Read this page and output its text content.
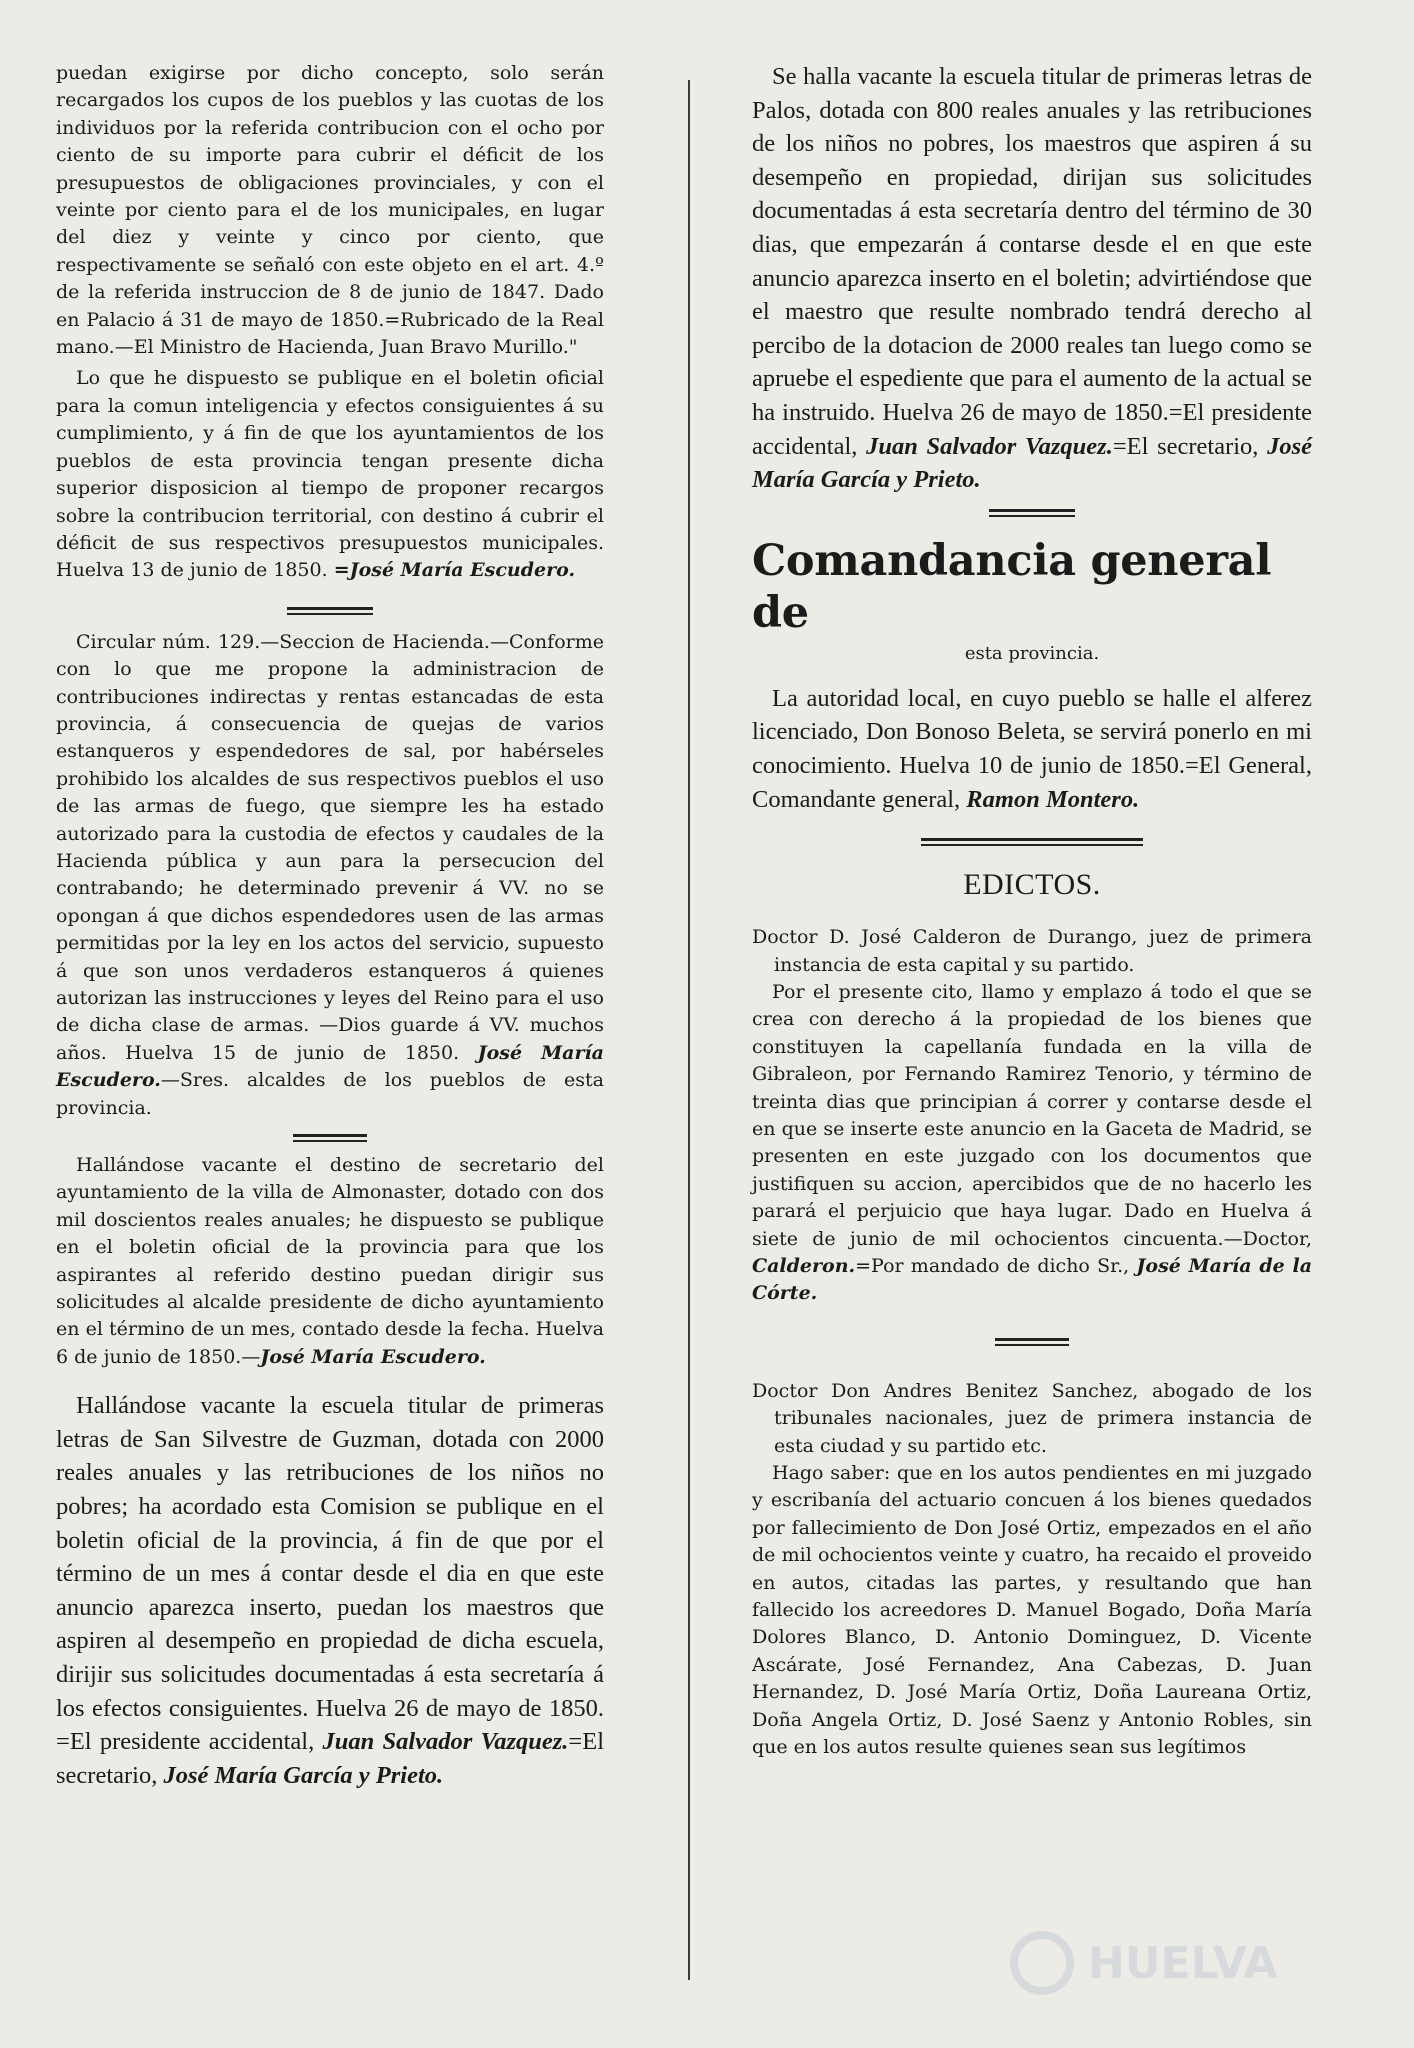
puedan exigirse por dicho concepto, solo serán recargados los cupos de los pueblos y las cuotas de los individuos por la referida contribucion con el ocho por ciento de su importe para cubrir el déficit de los presupuestos de obligaciones provinciales, y con el veinte por ciento para el de los municipales, en lugar del diez y veinte y cinco por ciento, que respectivamente se señaló con este objeto en el art. 4.º de la referida instruccion de 8 de junio de 1847. Dado en Palacio á 31 de mayo de 1850.=Rubricado de la Real mano.—El Ministro de Hacienda, Juan Bravo Murillo."

Lo que he dispuesto se publique en el boletin oficial para la comun inteligencia y efectos consiguientes á su cumplimiento, y á fin de que los ayuntamientos de los pueblos de esta provincia tengan presente dicha superior disposicion al tiempo de proponer recargos sobre la contribucion territorial, con destino á cubrir el déficit de sus respectivos presupuestos municipales. Huelva 13 de junio de 1850. =José María Escudero.

Circular núm. 129.—Seccion de Hacienda.—Conforme con lo que me propone la administracion de contribuciones indirectas y rentas estancadas de esta provincia, á consecuencia de quejas de varios estanqueros y espendedores de sal, por habérseles prohibido los alcaldes de sus respectivos pueblos el uso de las armas de fuego, que siempre les ha estado autorizado para la custodia de efectos y caudales de la Hacienda pública y aun para la persecucion del contrabando; he determinado prevenir á VV. no se opongan á que dichos espendedores usen de las armas permitidas por la ley en los actos del servicio, supuesto á que son unos verdaderos estanqueros á quienes autorizan las instrucciones y leyes del Reino para el uso de dicha clase de armas. —Dios guarde á VV. muchos años. Huelva 15 de junio de 1850. José María Escudero.—Sres. alcaldes de los pueblos de esta provincia.

Hallándose vacante el destino de secretario del ayuntamiento de la villa de Almonaster, dotado con dos mil doscientos reales anuales; he dispuesto se publique en el boletin oficial de la provincia para que los aspirantes al referido destino puedan dirigir sus solicitudes al alcalde presidente de dicho ayuntamiento en el término de un mes, contado desde la fecha. Huelva 6 de junio de 1850.—José María Escudero.

Hallándose vacante la escuela titular de primeras letras de San Silvestre de Guzman, dotada con 2000 reales anuales y las retribuciones de los niños no pobres; ha acordado esta Comision se publique en el boletin oficial de la provincia, á fin de que por el término de un mes á contar desde el dia en que este anuncio aparezca inserto, puedan los maestros que aspiren al desempeño en propiedad de dicha escuela, dirijir sus solicitudes documentadas á esta secretaría á los efectos consiguientes. Huelva 26 de mayo de 1850. =El presidente accidental, Juan Salvador Vazquez.=El secretario, José María García y Prieto.

Se halla vacante la escuela titular de primeras letras de Palos, dotada con 800 reales anuales y las retribuciones de los niños no pobres, los maestros que aspiren á su desempeño en propiedad, dirijan sus solicitudes documentadas á esta secretaría dentro del término de 30 dias, que empezarán á contarse desde el en que este anuncio aparezca inserto en el boletin; advirtiéndose que el maestro que resulte nombrado tendrá derecho al percibo de la dotacion de 2000 reales tan luego como se apruebe el espediente que para el aumento de la actual se ha instruido. Huelva 26 de mayo de 1850.=El presidente accidental, Juan Salvador Vazquez.=El secretario, José María García y Prieto.

Comandancia general de

esta provincia.

La autoridad local, en cuyo pueblo se halle el alferez licenciado, Don Bonoso Beleta, se servirá ponerlo en mi conocimiento. Huelva 10 de junio de 1850.=El General, Comandante general, Ramon Montero.

EDICTOS.

Doctor D. José Calderon de Durango, juez de primera instancia de esta capital y su partido.

Por el presente cito, llamo y emplazo á todo el que se crea con derecho á la propiedad de los bienes que constituyen la capellanía fundada en la villa de Gibraleon, por Fernando Ramirez Tenorio, y término de treinta dias que principian á correr y contarse desde el en que se inserte este anuncio en la Gaceta de Madrid, se presenten en este juzgado con los documentos que justifiquen su accion, apercibidos que de no hacerlo les parará el perjuicio que haya lugar. Dado en Huelva á siete de junio de mil ochocientos cincuenta.—Doctor, Calderon.=Por mandado de dicho Sr., José María de la Córte.

Doctor Don Andres Benitez Sanchez, abogado de los tribunales nacionales, juez de primera instancia de esta ciudad y su partido etc.

Hago saber: que en los autos pendientes en mi juzgado y escribanía del actuario concuen á los bienes quedados por fallecimiento de Don José Ortiz, empezados en el año de mil ochocientos veinte y cuatro, ha recaido el proveido en autos, citadas las partes, y resultando que han fallecido los acreedores D. Manuel Bogado, Doña María Dolores Blanco, D. Antonio Dominguez, D. Vicente Ascárate, José Fernandez, Ana Cabezas, D. Juan Hernandez, D. José María Ortiz, Doña Laureana Ortiz, Doña Angela Ortiz, D. José Saenz y Antonio Robles, sin que en los autos resulte quienes sean sus legítimos

HUELVA
